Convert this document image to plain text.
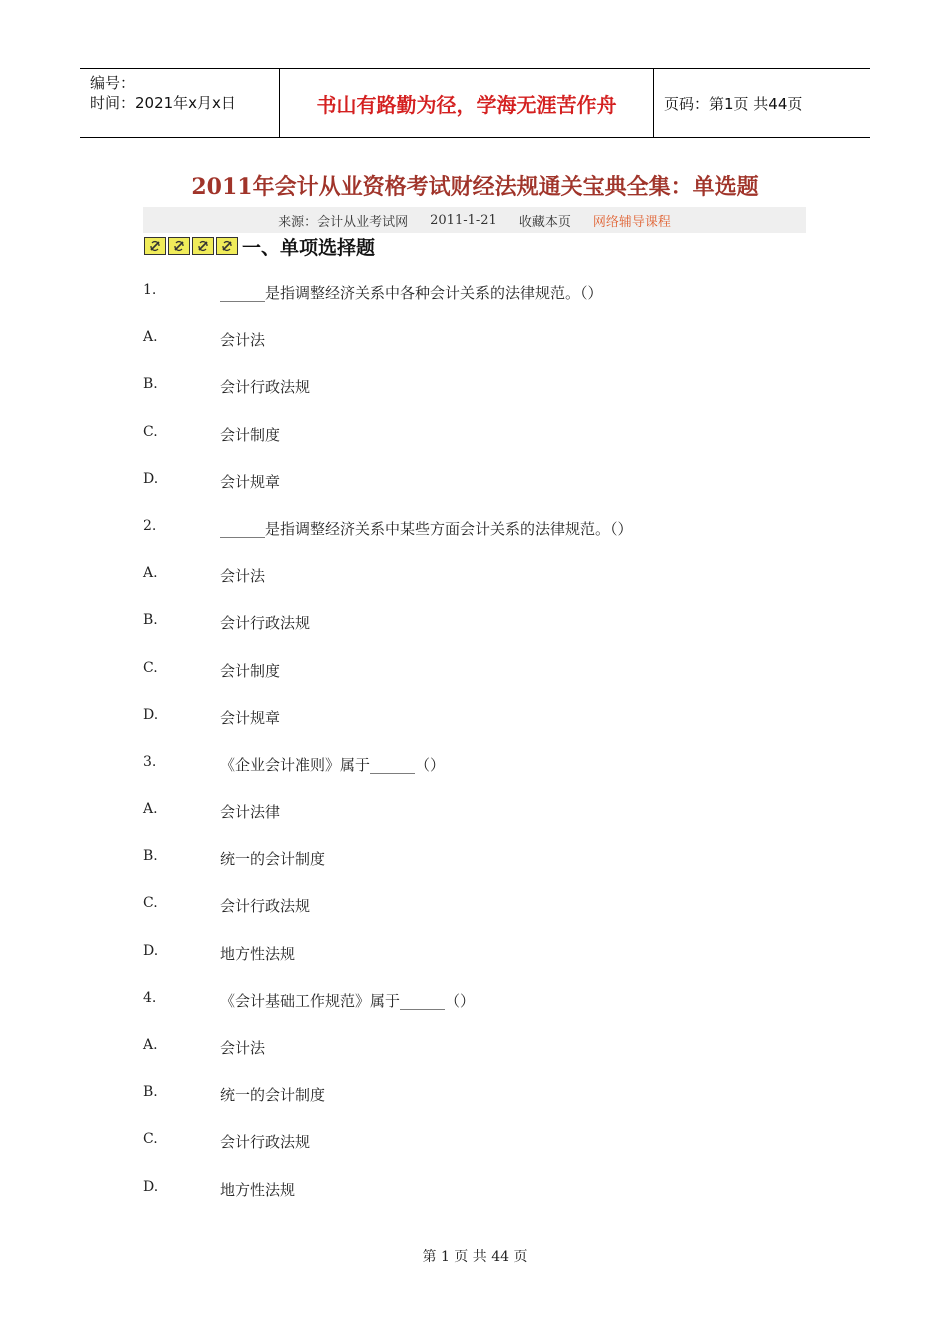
编号：
时间：2021年x月x日	书山有路勤为径，学海无涯苦作舟	页码：第1页 共44页
2011年会计从业资格考试财经法规通关宝典全集：单选题
来源：会计从业考试网 2011-1-21 收藏本页 网络辅导课程
一、单项选择题
1.	______是指调整经济关系中各种会计关系的法律规范。（）
A.	会计法
B.	会计行政法规
C.	会计制度
D.	会计规章
2.	______是指调整经济关系中某些方面会计关系的法律规范。（）
A.	会计法
B.	会计行政法规
C.	会计制度
D.	会计规章
3.	《企业会计准则》属于______（）
A.	会计法律
B.	统一的会计制度
C.	会计行政法规
D.	地方性法规
4.	《会计基础工作规范》属于______（）
A.	会计法
B.	统一的会计制度
C.	会计行政法规
D.	地方性法规
第 1 页 共 44 页
